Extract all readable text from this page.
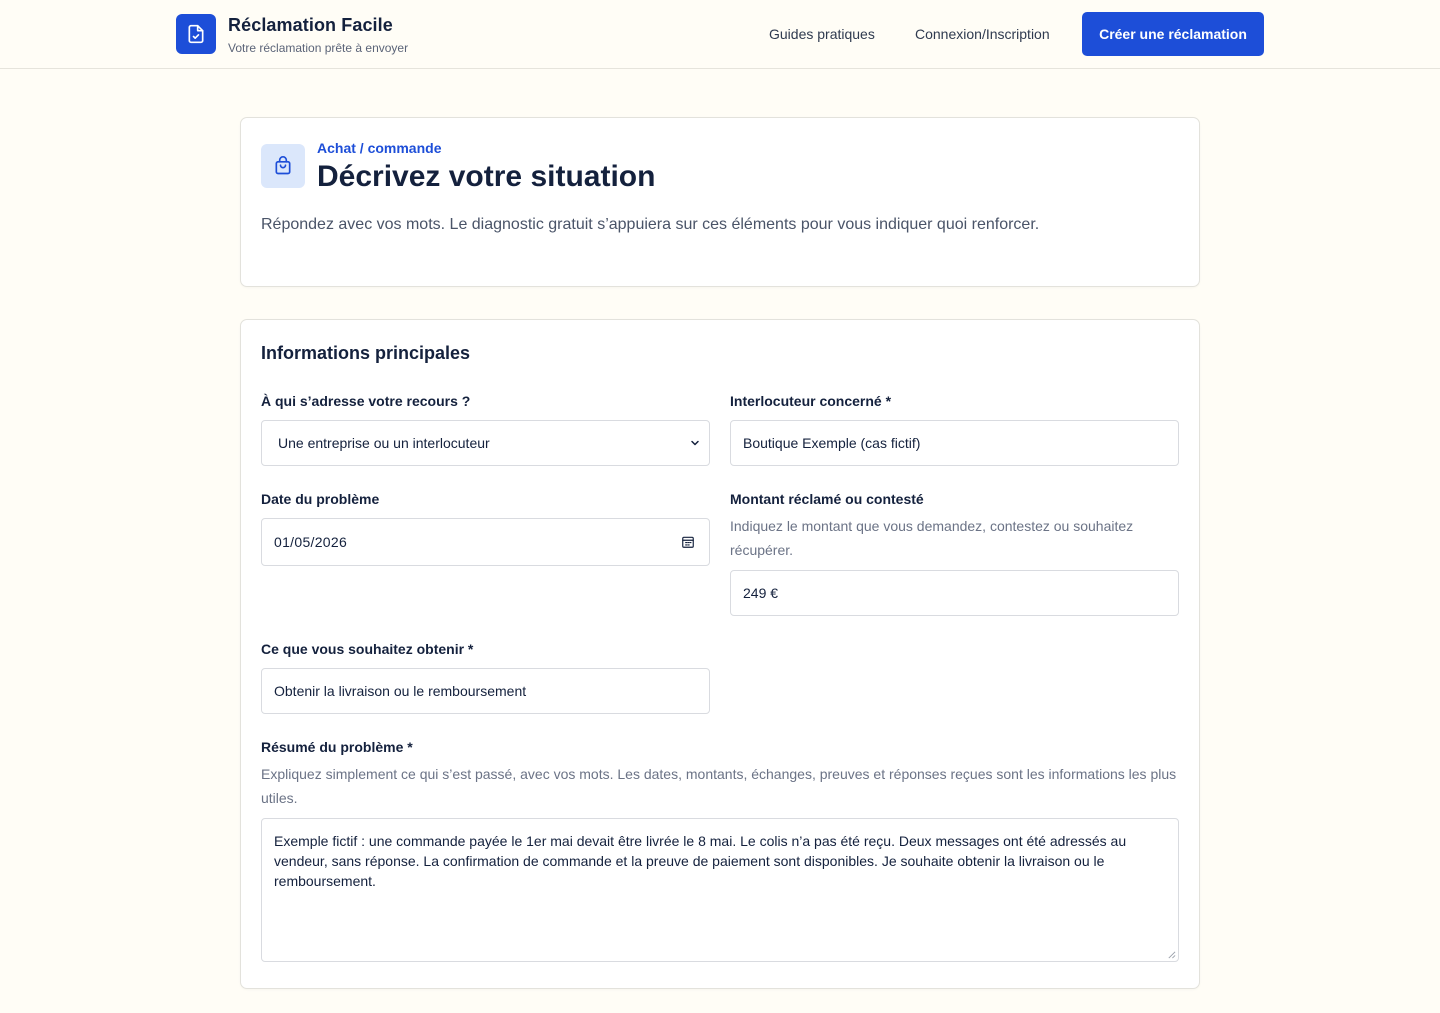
Réclamation Facile
Votre réclamation prête à envoyer
Guides pratiques	Connexion/Inscription	Créer une réclamation
Achat / commande
Décrivez votre situation

Répondez avec vos mots. Le diagnostic gratuit s’appuiera sur ces éléments pour vous indiquer quoi renforcer.

Informations principales
À qui s’adresse votre recours ?
Une entreprise ou un interlocuteur
Interlocuteur concerné *
Boutique Exemple (cas fictif)
Date du problème
01/05/2026
Montant réclamé ou contesté

Indiquez le montant que vous demandez, contestez ou souhaitez récupérer.

249 €
Ce que vous souhaitez obtenir *
Obtenir la livraison ou le remboursement
Résumé du problème *

Expliquez simplement ce qui s’est passé, avec vos mots. Les dates, montants, échanges, preuves et réponses reçues sont les informations les plus utiles.

Exemple fictif : une commande payée le 1er mai devait être livrée le 8 mai. Le colis n’a pas été reçu. Deux messages ont été adressés au vendeur, sans réponse. La confirmation de commande et la preuve de paiement sont disponibles. Je souhaite obtenir la livraison ou le remboursement.
